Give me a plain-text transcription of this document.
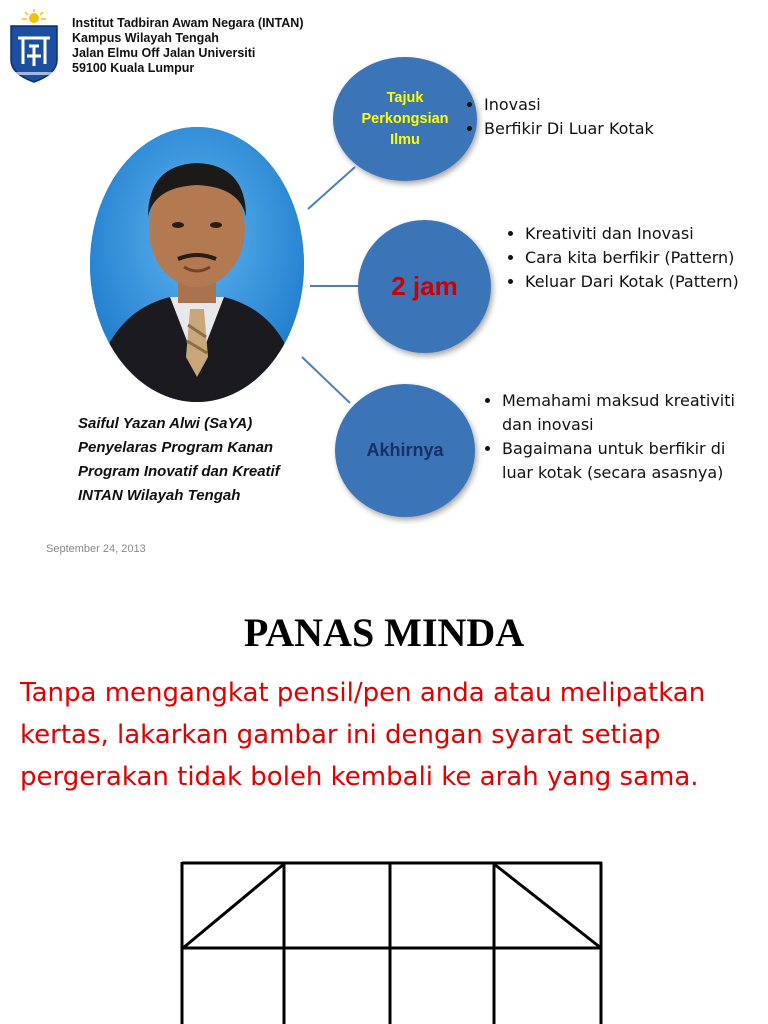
Institut Tadbiran Awam Negara (INTAN)
Kampus Wilayah Tengah
Jalan Elmu Off Jalan Universiti
59100 Kuala Lumpur
Tajuk
Perkongsian
Ilmu
2 jam
Akhirnya
• Inovasi
• Berfikir Di Luar Kotak
• Kreativiti dan Inovasi
• Cara kita berfikir (Pattern)
• Keluar Dari Kotak (Pattern)
• Memahami maksud kreativiti dan inovasi
• Bagaimana untuk berfikir di luar kotak (secara asasnya)
Saiful Yazan Alwi (SaYA)
Penyelaras Program Kanan
Program Inovatif dan Kreatif
INTAN Wilayah Tengah
September 24, 2013
PANAS MINDA
Tanpa mengangkat pensil/pen anda atau melipatkan kertas, lakarkan gambar ini dengan syarat setiap pergerakan tidak boleh kembali ke arah yang sama.
